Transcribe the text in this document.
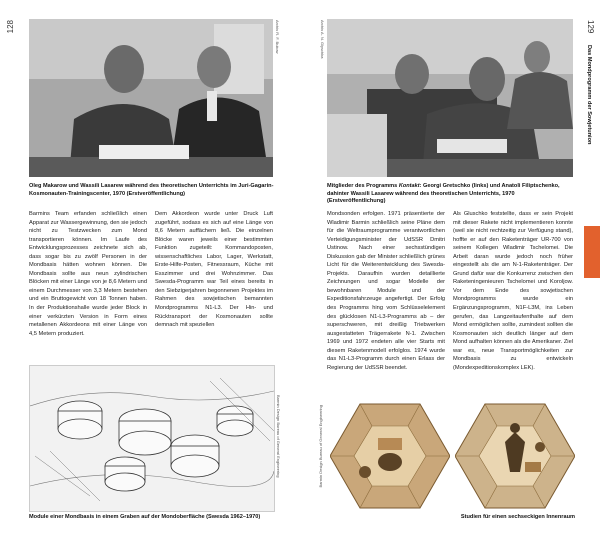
128	129
Das Mondprogramm der Sowjetunion
Archiv R. F. Bukow
Oleg Makarow und Wassili Lasarew während des theoretischen Unterrichts im Juri-Gagarin-Kosmonauten-Trainingscenter, 1970 (Erstveröffentlichung)
Archiv A. N. Glyschka
Mitglieder des Programms Kontakt: Georgi Gretschko (links) und Anatoli Filiptschenko, dahinter Wassili Lasarew während des theoretischen Unterrichts, 1970 (Erstveröffentlichung)

Barmins Team erfanden schließlich einen Apparat zur Wassergewinnung, den sie jedoch nicht zu Testzwecken zum Mond transportieren können. Im Laufe des Entwicklungsprozesses zeichnete sich ab, dass sogar bis zu zwölf Personen in der Mondbasis hätten wohnen können. Die Mondbasis sollte aus neun zylindrischen Blöcken mit einer Länge von je 8,6 Metern und einem Durchmesser von 3,3 Metern bestehen und ein Bruttogewicht von 18 Tonnen haben. In der Produktionshalle wurde jeder Block in einer verkürzten Version in Form eines metallenen Akkordeons mit einer Länge von 4,5 Metern produziert.

Dem Akkordeon wurde unter Druck Luft zugeführt, sodass es sich auf eine Länge von 8,6 Metern auffächern ließ. Die einzelnen Blöcke waren jeweils einer bestimmten Funktion zugeteilt: Kommandoposten, wissenschaftliches Labor, Lager, Werkstatt, Erste-Hilfe-Posten, Fitnessraum, Küche mit Esszimmer und drei Wohnzimmer. Das Swesda-Programm war Teil eines bereits in den Siebzigerjahren begonnenen Projektes im Rahmen des sowjetischen bemannten Mondprogramms N1-L3. Der Hin- und Rücktransport der Kosmonauten sollte demnach mit speziellen

Mondsonden erfolgen. 1971 präsentierte der Wladimir Barmin schließlich seine Pläne dem für die Weltraumprogramme verantwortlichen Verteidigungsminister der UdSSR Dmitri Ustinow. Nach einer sechsstündigen Diskussion gab der Minister schließlich grünes Licht für die Weiterentwicklung des Swesda-Projekts. Daraufhin wurden detaillierte Zeichnungen und sogar Modelle der bewohnbaren Module und der Expeditionsfahrzeuge angefertigt. Der Erfolg des Programms hing vom Schlüsselelement des glücklosen N1-L3-Programms ab – der superschweren, mit dreißig Triebwerken ausgestatteten Trägerrakete N-1. Zwischen 1969 und 1972 endeten alle vier Starts mit diesem Raketenmodell erfolglos. 1974 wurde das N1-L3-Programm durch einen Erlass der Regierung der UdSSR beendet.

Als Gluschko feststellte, dass er sein Projekt mit dieser Rakete nicht implementieren konnte (weil sie nicht rechtzeitig zur Verfügung stand), hoffte er auf den Raketenträger UR-700 von seinem Kollegen Wladimir Tschelomei. Die Arbeit daran wurde jedoch noch früher eingestellt als die am N-1-Raketenträger. Der Grund dafür war die Konkurrenz zwischen den Raketeningenieuren Tschelomei und Koroljow. Vor dem Ende des sowjetischen Mondprogramms wurde ein Ergänzungsprogramm, N1F-L3M, ins Leben gerufen, das Langzeitaufenthalte auf dem Mond ermöglichen sollte, zumindest sollten die Kosmonauten sich deutlich länger auf dem Mond aufhalten können als die Amerikaner. Ziel war es, neue Transportmöglichkeiten zur Mondbasis zu entwickeln (Mondexpeditionskomplex LEK).

Barmin Design Bureau of General Engineering
Module einer Mondbasis in einem Graben auf der Mondoberfläche (Swesda 1962–1970)
Barmin Design Bureau of General Engineering
Studien für einen sechseckigen Innenraum
